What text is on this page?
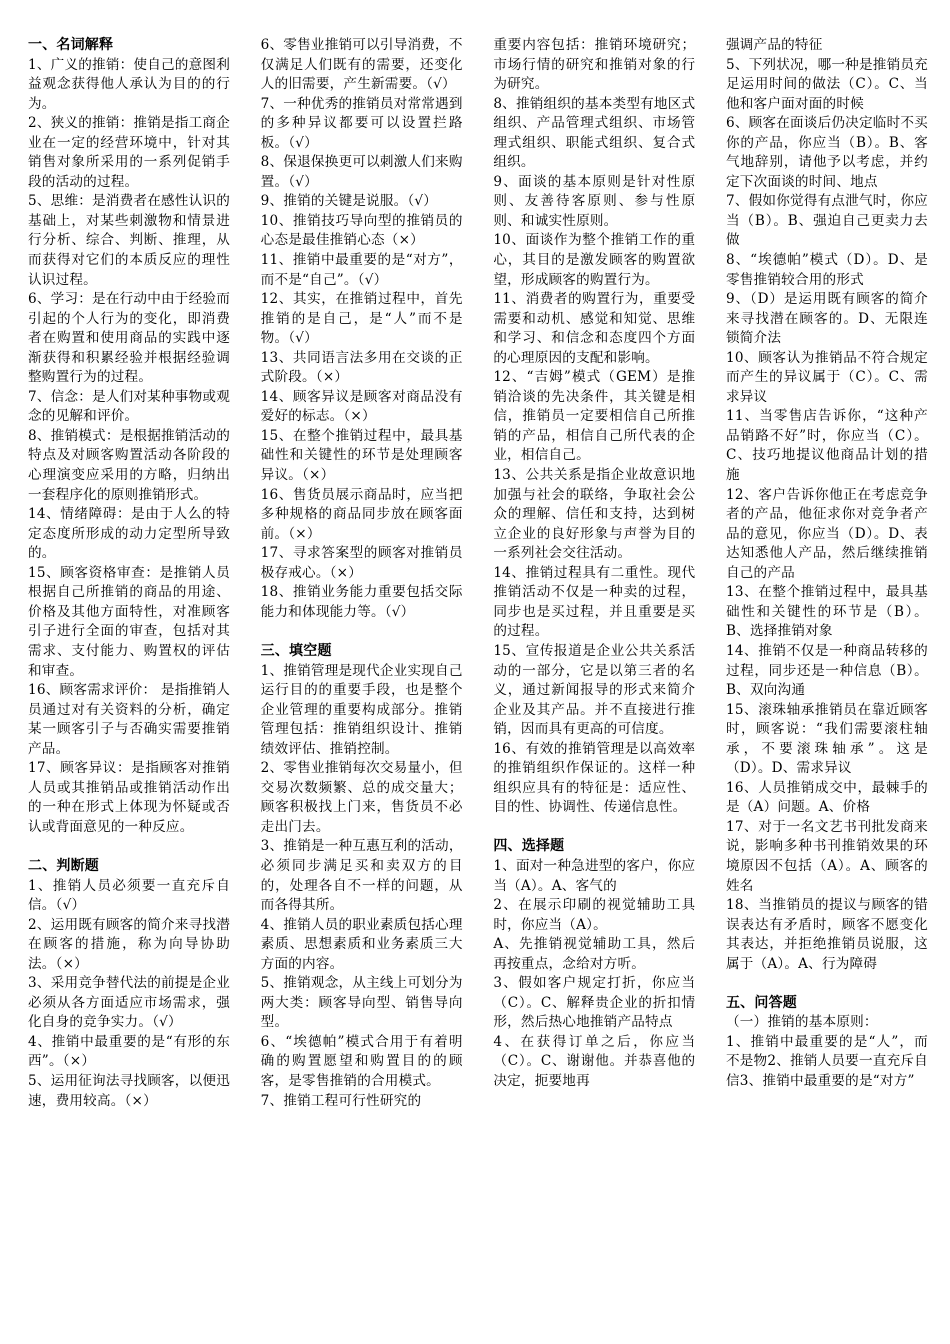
一、名词解释

1、广义的推销：使自己的意图利益观念获得他人承认为目的的行为。

2、狭义的推销：推销是指工商企业在一定的经营环境中，针对其销售对象所采用的一系列促销手段的活动的过程。

5、思维：是消费者在感性认识的基础上，对某些刺激物和情景进行分析、综合、判断、推理，从而获得对它们的本质反应的理性认识过程。

6、学习：是在行动中由于经验而引起的个人行为的变化，即消费者在购置和使用商品的实践中逐渐获得和积累经验并根据经验调整购置行为的过程。

7、信念：是人们对某种事物或观念的见解和评价。

8、推销模式：是根据推销活动的特点及对顾客购置活动各阶段的心理演变应采用的方略，归纳出一套程序化的原则推销形式。

14、情绪障碍：是由于人么的特定态度所形成的动力定型所导致的。

15、顾客资格审查：是推销人员根据自己所推销的商品的用途、价格及其他方面特性，对准顾客引子进行全面的审查，包括对其需求、支付能力、购置权的评估和审查。

16、顾客需求评价： 是指推销人员通过对有关资料的分析，确定某一顾客引子与否确实需要推销产品。

17、顾客异议：是指顾客对推销人员或其推销品或推销活动作出的一种在形式上体现为怀疑或否认或背面意见的一种反应。

二、判断题

1、推销人员必须要一直充斥自信。（√）

2、运用既有顾客的简介来寻找潜在顾客的措施，称为向导协助法。（×）

3、采用竞争替代法的前提是企业必须从各方面适应市场需求，强化自身的竞争实力。（√）

4、推销中最重要的是“有形的东西”。（×）

5、运用征询法寻找顾客，以便迅速，费用较高。（×）

6、零售业推销可以引导消费，不仅满足人们既有的需要，还变化人的旧需要，产生新需要。（√）

7、一种优秀的推销员对常常遇到的多种异议都要可以设置拦路板。（√）

8、保退保换更可以刺激人们来购置。（√）

9、推销的关键是说服。（√）

10、推销技巧导向型的推销员的心态是最佳推销心态（×）

11、推销中最重要的是“对方”，而不是“自己”。（√）

12、其实，在推销过程中，首先推销的是自己，是“人”而不是物。（√）

13、共同语言法多用在交谈的正式阶段。（×）

14、顾客异议是顾客对商品没有爱好的标志。（×）

15、在整个推销过程中，最具基础性和关键性的环节是处理顾客异议。（×）

16、售货员展示商品时，应当把多种规格的商品同步放在顾客面前。（×）

17、寻求答案型的顾客对推销员极存戒心。（×）

18、推销业务能力重要包括交际能力和体现能力等。（√）

三、填空题

1、推销管理是现代企业实现自己运行目的的重要手段，也是整个企业管理的重要构成部分。推销管理包括：推销组织设计、推销绩效评估、推销控制。

2、零售业推销每次交易量小，但交易次数频繁、总的成交量大；顾客积极找上门来，售货员不必走出门去。

3、推销是一种互惠互利的活动，必须同步满足买和卖双方的目的，处理各自不一样的问题，从而各得其所。

4、推销人员的职业素质包括心理素质、思想素质和业务素质三大方面的内容。

5、推销观念，从主线上可划分为两大类：顾客导向型、销售导向型。

6、“埃德帕”模式合用于有着明确的购置愿望和购置目的的顾客，是零售推销的合用模式。

7、推销工程可行性研究的

重要内容包括：推销环境研究；市场行情的研究和推销对象的行为研究。

8、推销组织的基本类型有地区式组织、产品管理式组织、市场管理式组织、职能式组织、复合式组织。

9、面谈的基本原则是针对性原则、友善待客原则、参与性原则、和诚实性原则。

10、面谈作为整个推销工作的重心，其目的是激发顾客的购置欲望，形成顾客的购置行为。

11、消费者的购置行为，重要受需要和动机、感觉和知觉、思维和学习、和信念和态度四个方面的心理原因的支配和影响。

12、“吉姆”模式（GEM）是推销洽谈的先决条件，其关键是相信，推销员一定要相信自己所推销的产品，相信自己所代表的企业，相信自己。

13、公共关系是指企业故意识地加强与社会的联络，争取社会公众的理解、信任和支持，达到树立企业的良好形象与声誉为目的一系列社会交往活动。

14、推销过程具有二重性。现代推销活动不仅是一种卖的过程，同步也是买过程，并且重要是买的过程。

15、宣传报道是企业公共关系活动的一部分，它是以第三者的名义，通过新闻报导的形式来简介企业及其产品。并不直接进行推销，因而具有更高的可信度。

16、有效的推销管理是以高效率的推销组织作保证的。这样一种组织应具有的特征是：适应性、目的性、协调性、传递信息性。

四、选择题

1、面对一种急进型的客户，你应当（A）。A、客气的

2、在展示印刷的视觉辅助工具时，你应当（A）。

A、先推销视觉辅助工具，然后再按重点，念给对方听。

3、假如客户规定打折，你应当（C）。C、解释贵企业的折扣情形，然后热心地推销产品特点

4、在获得订单之后，你应当（C）。C、谢谢他。并恭喜他的决定，扼要地再

强调产品的特征

5、下列状况，哪一种是推销员充足运用时间的做法（C）。C、当他和客户面对面的时候

6、顾客在面谈后仍决定临时不买你的产品，你应当（B）。B、客气地辞别，请他予以考虑，并约定下次面谈的时间、地点

7、假如你觉得有点泄气时，你应当（B）。B、强迫自己更卖力去做

8、“埃德帕”模式（D）。D、是零售推销较合用的形式

9、（D）是运用既有顾客的简介来寻找潜在顾客的。D、无限连锁简介法

10、顾客认为推销品不符合规定而产生的异议属于（C）。C、需求异议

11、当零售店告诉你，“这种产品销路不好”时，你应当（C）。C、技巧地提议他商品计划的措施

12、客户告诉你他正在考虑竞争者的产品，他征求你对竞争者产品的意见，你应当（D）。D、表达知悉他人产品，然后继续推销自己的产品

13、在整个推销过程中，最具基础性和关键性的环节是（B）。B、选择推销对象

14、推销不仅是一种商品转移的过程，同步还是一种信息（B）。B、双向沟通

15、滚珠轴承推销员在靠近顾客时，顾客说：“我们需要滚柱轴承，不要滚珠轴承”。这是（D）。D、需求异议

16、人员推销成交中，最棘手的是（A）问题。A、价格

17、对于一名文艺书刊批发商来说，影响多种书刊推销效果的环境原因不包括（A）。A、顾客的姓名

18、当推销员的提议与顾客的错误表达有矛盾时，顾客不愿变化其表达，并拒绝推销员说服，这属于（A）。A、行为障碍

五、问答题

（一）推销的基本原则：

1、推销中最重要的是“人”，而不是物2、推销人员要一直充斥自信3、推销中最重要的是“对方”
